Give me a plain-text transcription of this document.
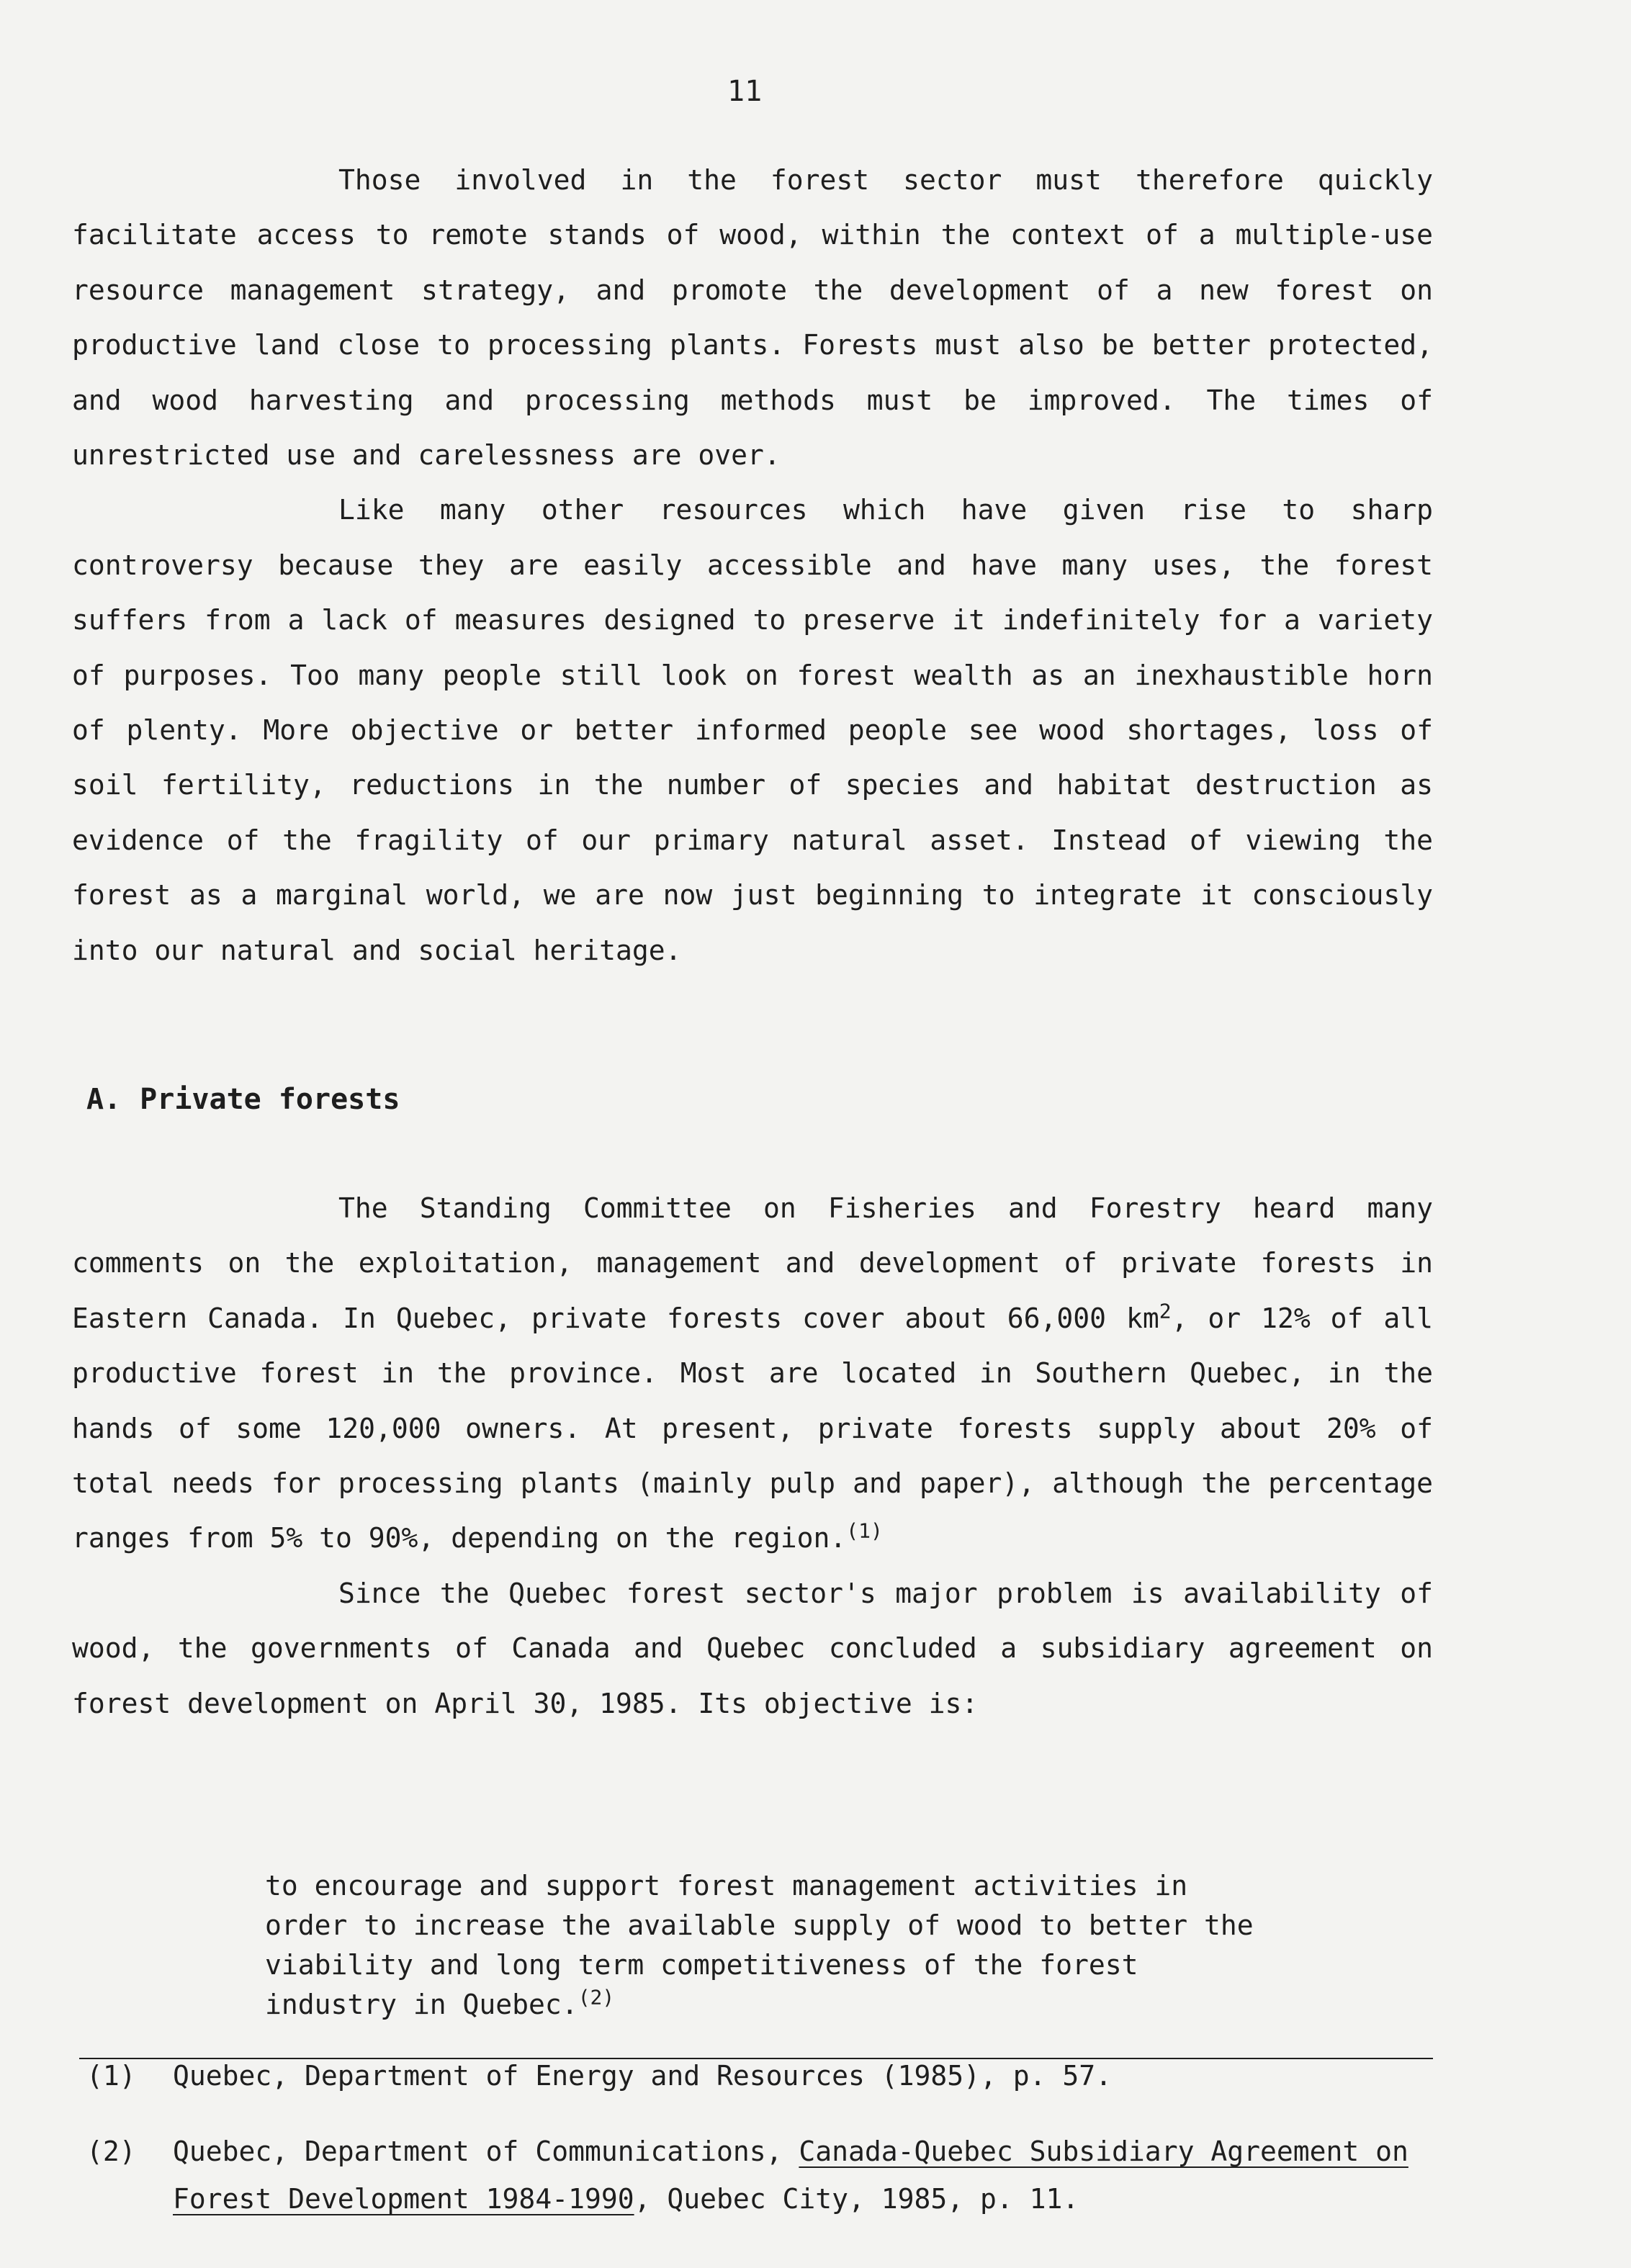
11

Those involved in the forest sector must therefore quickly facilitate access to remote stands of wood, within the context of a multiple-use resource management strategy, and promote the development of a new forest on productive land close to processing plants. Forests must also be better protected, and wood harvesting and processing methods must be improved. The times of unrestricted use and carelessness are over.

Like many other resources which have given rise to sharp controversy because they are easily accessible and have many uses, the forest suffers from a lack of measures designed to preserve it indefinitely for a variety of purposes. Too many people still look on forest wealth as an inexhaustible horn of plenty. More objective or better informed people see wood shortages, loss of soil fertility, reductions in the number of species and habitat destruction as evidence of the fragility of our primary natural asset. Instead of viewing the forest as a marginal world, we are now just beginning to integrate it consciously into our natural and social heritage.

A. Private forests

The Standing Committee on Fisheries and Forestry heard many comments on the exploitation, management and development of private forests in Eastern Canada. In Quebec, private forests cover about 66,000 $km^2$, or 12% of all productive forest in the province. Most are located in Southern Quebec, in the hands of some 120,000 owners. At present, private forests supply about 20% of total needs for processing plants (mainly pulp and paper), although the percentage ranges from 5% to 90%, depending on the region.$^{(1)}$

Since the Quebec forest sector's major problem is availability of wood, the governments of Canada and Quebec concluded a subsidiary agreement on forest development on April 30, 1985. Its objective is:

to encourage and support forest management activities in order to increase the available supply of wood to better the viability and long term competitiveness of the forest industry in Quebec.$^{(2)}$
(1) Quebec, Department of Energy and Resources (1985), p. 57.
(2) Quebec, Department of Communications, Canada-Quebec Subsidiary Agreement on Forest Development 1984-1990, Quebec City, 1985, p. 11.
